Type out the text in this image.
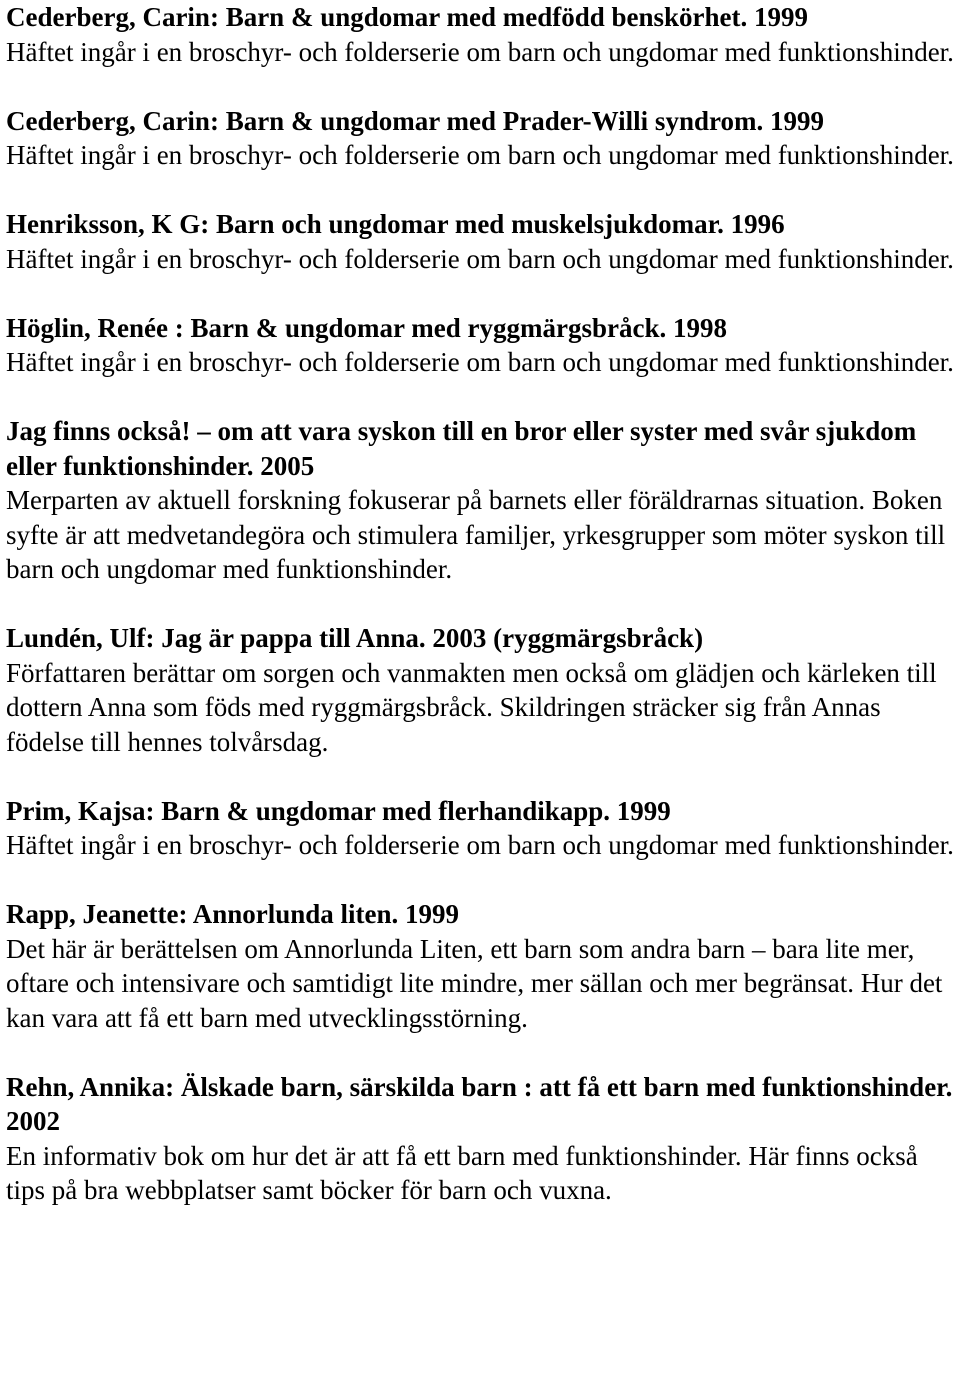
Cederberg, Carin: Barn & ungdomar med medfödd benskörhet. 1999

Häftet ingår i en broschyr- och folderserie om barn och ungdomar med funktionshinder.

Cederberg, Carin: Barn & ungdomar med Prader-Willi syndrom. 1999

Häftet ingår i en broschyr- och folderserie om barn och ungdomar med funktionshinder.

Henriksson, K G: Barn och ungdomar med muskelsjukdomar. 1996

Häftet ingår i en broschyr- och folderserie om barn och ungdomar med funktionshinder.

Höglin, Renée : Barn & ungdomar med ryggmärgsbråck. 1998

Häftet ingår i en broschyr- och folderserie om barn och ungdomar med funktionshinder.

Jag finns också! – om att vara syskon till en bror eller syster med svår sjukdom eller funktionshinder. 2005

Merparten av aktuell forskning fokuserar på barnets eller föräldrarnas situation. Boken syfte är att medvetandegöra och stimulera familjer, yrkesgrupper som möter syskon till barn och ungdomar med funktionshinder.

Lundén, Ulf: Jag är pappa till Anna. 2003 (ryggmärgsbråck)

Författaren berättar om sorgen och vanmakten men också om glädjen och kärleken till dottern Anna som föds med ryggmärgsbråck. Skildringen sträcker sig från Annas födelse till hennes tolvårsdag.

Prim, Kajsa: Barn & ungdomar med flerhandikapp. 1999

Häftet ingår i en broschyr- och folderserie om barn och ungdomar med funktionshinder.

Rapp, Jeanette: Annorlunda liten. 1999

Det här är berättelsen om Annorlunda Liten, ett barn som andra barn – bara lite mer, oftare och intensivare och samtidigt lite mindre, mer sällan och mer begränsat. Hur det kan vara att få ett barn med utvecklingsstörning.

Rehn, Annika: Älskade barn, särskilda barn : att få ett barn med funktionshinder. 2002

En informativ bok om hur det är att få ett barn med funktionshinder. Här finns också tips på bra webbplatser samt böcker för barn och vuxna.
